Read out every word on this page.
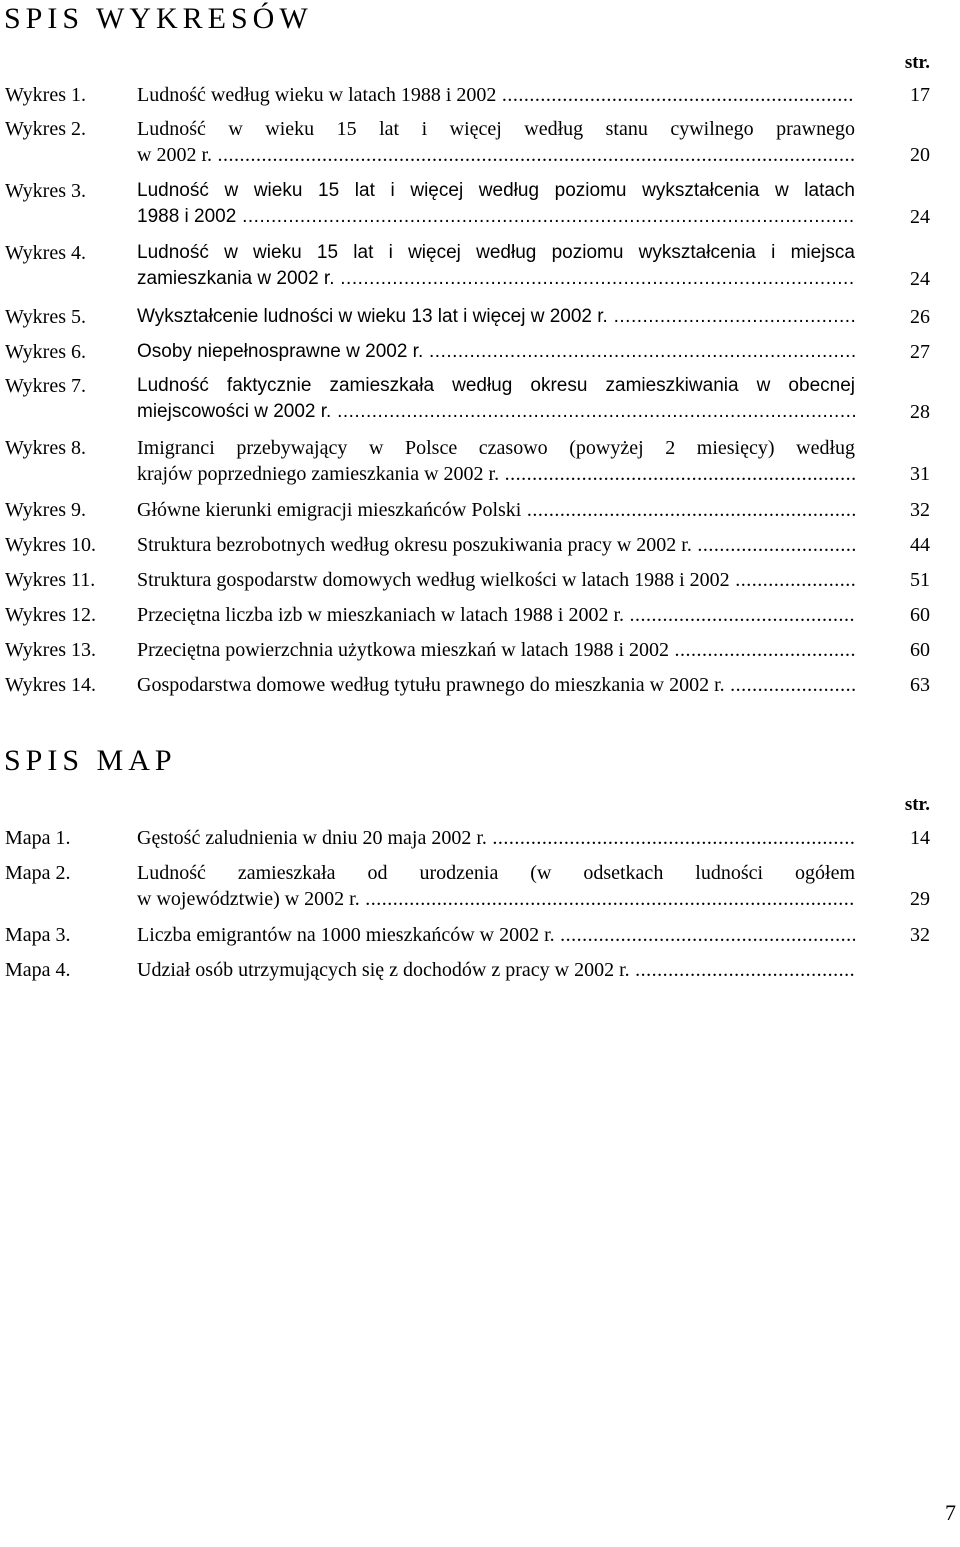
SPIS WYKRESÓW
str.
Wykres 1.	Ludność według wieku w latach 1988 i 2002 .....	17
Wykres 2.	Ludność w wieku 15 lat i więcej według stanu cywilnego prawnego
w 2002 r. .....	20
Wykres 3.	Ludność w wieku 15 lat i więcej według poziomu wykształcenia w latach
1988 i 2002 .....	24
Wykres 4.	Ludność w wieku 15 lat i więcej według poziomu wykształcenia i miejsca
zamieszkania w 2002 r. .....	24
Wykres 5.	Wykształcenie ludności w wieku 13 lat i więcej w 2002 r. .....	26
Wykres 6.	Osoby niepełnosprawne w 2002 r. .....	27
Wykres 7.	Ludność faktycznie zamieszkała według okresu zamieszkiwania w obecnej
miejscowości w 2002 r. .....	28
Wykres 8.	Imigranci przebywający w Polsce czasowo (powyżej 2 miesięcy) według
krajów poprzedniego zamieszkania w 2002 r. .....	31
Wykres 9.	Główne kierunki emigracji mieszkańców Polski .....	32
Wykres 10. Struktura bezrobotnych według okresu poszukiwania pracy w 2002 r. .....	44
Wykres 11. Struktura gospodarstw domowych według wielkości w latach 1988 i 2002 .....	51
Wykres 12. Przeciętna liczba izb w mieszkaniach w latach 1988 i 2002 r. .....	60
Wykres 13. Przeciętna powierzchnia użytkowa mieszkań w latach 1988 i 2002 .....	60
Wykres 14. Gospodarstwa domowe według tytułu prawnego do mieszkania w 2002 r. .....	63
SPIS MAP
str.
Mapa 1.	Gęstość zaludnienia w dniu 20 maja 2002 r. .....	14
Mapa 2.	Ludność zamieszkała od urodzenia (w odsetkach ludności ogółem
w województwie) w 2002 r. .....	29
Mapa 3.	Liczba emigrantów na 1000 mieszkańców w 2002 r. .....	32
Mapa 4.	Udział osób utrzymujących się z dochodów z pracy w 2002 r. .....
7
